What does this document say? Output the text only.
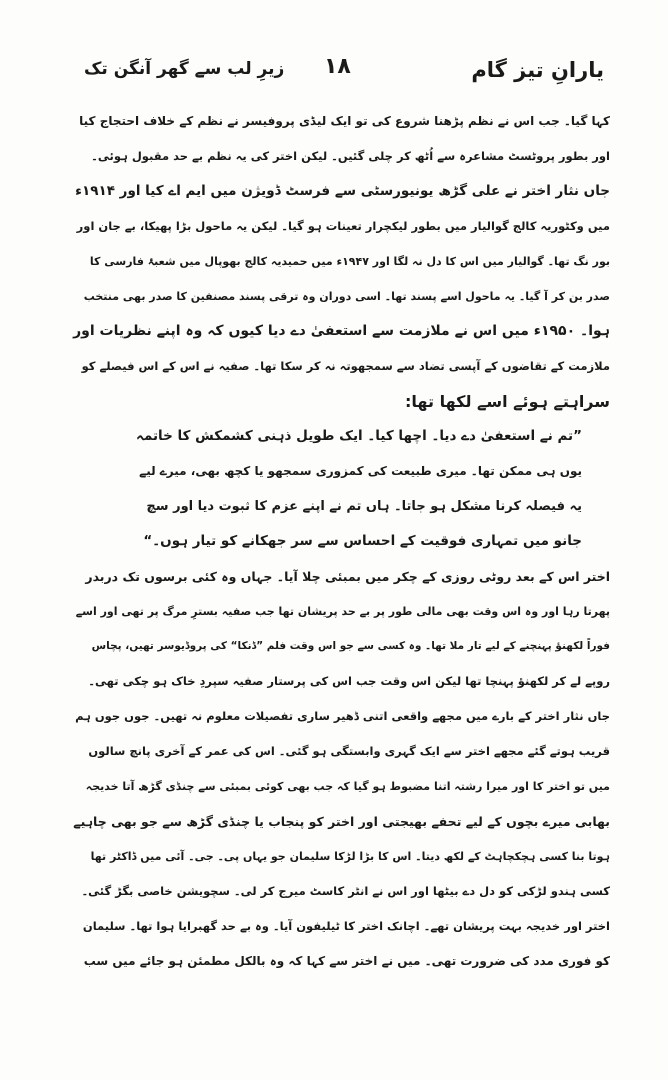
یارانِ تیز گام
۱۸
زیرِ لب سے گھر آنگن تک
کہا گیا۔ جب اس نے نظم پڑھنا شروع کی تو ایک لیڈی پروفیسر نے نظم کے خلاف احتجاج کیا
اور بطور پروٹسٹ مشاعرہ سے اُٹھ کر چلی گئیں۔ لیکن اختر کی یہ نظم بے حد مقبول ہوئی۔
جاں نثار اختر نے علی گڑھ یونیورسٹی سے فرسٹ ڈویژن میں ایم اے کیا اور ۱۹۱۴ء
میں وکٹوریہ کالج گوالیار میں بطور لیکچرار تعینات ہو گیا۔ لیکن یہ ماحول بڑا پھیکا، بے جان اور
بور نگ تھا۔ گوالیار میں اس کا دل نہ لگا اور ۱۹۴۷ء میں حمیدیہ کالج بھوپال میں شعبۂ فارسی کا
صدر بن کر آ گیا۔ یہ ماحول اسے پسند تھا۔ اسی دوران وہ ترقی پسند مصنفین کا صدر بھی منتخب
ہوا۔ ۱۹۵۰ء میں اس نے ملازمت سے استعفیٰ دے دیا کیوں کہ وہ اپنے نظریات اور
ملازمت کے تقاضوں کے آپسی تضاد سے سمجھوتہ نہ کر سکا تھا۔ صفیہ نے اس کے اس فیصلے کو
سراہتے ہوئے اسے لکھا تھا:
”تم نے استعفیٰ دے دیا۔ اچھا کیا۔ ایک طویل ذہنی کشمکش کا خاتمہ
یوں ہی ممکن تھا۔ میری طبیعت کی کمزوری سمجھو یا کچھ بھی، میرے لیے
یہ فیصلہ کرنا مشکل ہو جاتا۔ ہاں تم نے اپنے عزم کا ثبوت دیا اور سچ
جانو میں تمہاری فوقیت کے احساس سے سر جھکانے کو تیار ہوں۔“
اختر اس کے بعد روٹی روزی کے چکر میں بمبئی چلا آیا۔ جہاں وہ کئی برسوں تک دربدر
پھرتا رہا اور وہ اس وقت بھی مالی طور پر بے حد پریشان تھا جب صفیہ بسترِ مرگ پر تھی اور اسے
فوراً لکھنؤ پہنچنے کے لیے تار ملا تھا۔ وہ کسی سے جو اس وقت فلم ”ڈنکا“ کی پروڈیوسر تھیں، پچاس
روپے لے کر لکھنؤ پہنچا تھا لیکن اس وقت جب اس کی پرستار صفیہ سپردِ خاک ہو چکی تھی۔
جاں نثار اختر کے بارے میں مجھے واقعی اتنی ڈھیر ساری تفصیلات معلوم نہ تھیں۔ جوں جوں ہم
قریب ہوتے گئے مجھے اختر سے ایک گہری وابستگی ہو گئی۔ اس کی عمر کے آخری پانچ سالوں
میں تو اختر کا اور میرا رشتہ اتنا مضبوط ہو گیا کہ جب بھی کوئی بمبئی سے چنڈی گڑھ آتا خدیجہ
بھابی میرے بچوں کے لیے تحفے بھیجتی اور اختر کو پنجاب یا چنڈی گڑھ سے جو بھی چاہیے
ہوتا بنا کسی ہچکچاہٹ کے لکھ دیتا۔ اس کا بڑا لڑکا سلیمان جو یہاں پی۔ جی۔ آئی میں ڈاکٹر تھا
کسی ہندو لڑکی کو دل دے بیٹھا اور اس نے انٹر کاسٹ میرج کر لی۔ سچویشن خاصی بگڑ گئی۔
اختر اور خدیجہ بہت پریشان تھے۔ اچانک اختر کا ٹیلیفون آیا۔ وہ بے حد گھبرایا ہوا تھا۔ سلیمان
کو فوری مدد کی ضرورت تھی۔ میں نے اختر سے کہا کہ وہ بالکل مطمئن ہو جائے میں سب
